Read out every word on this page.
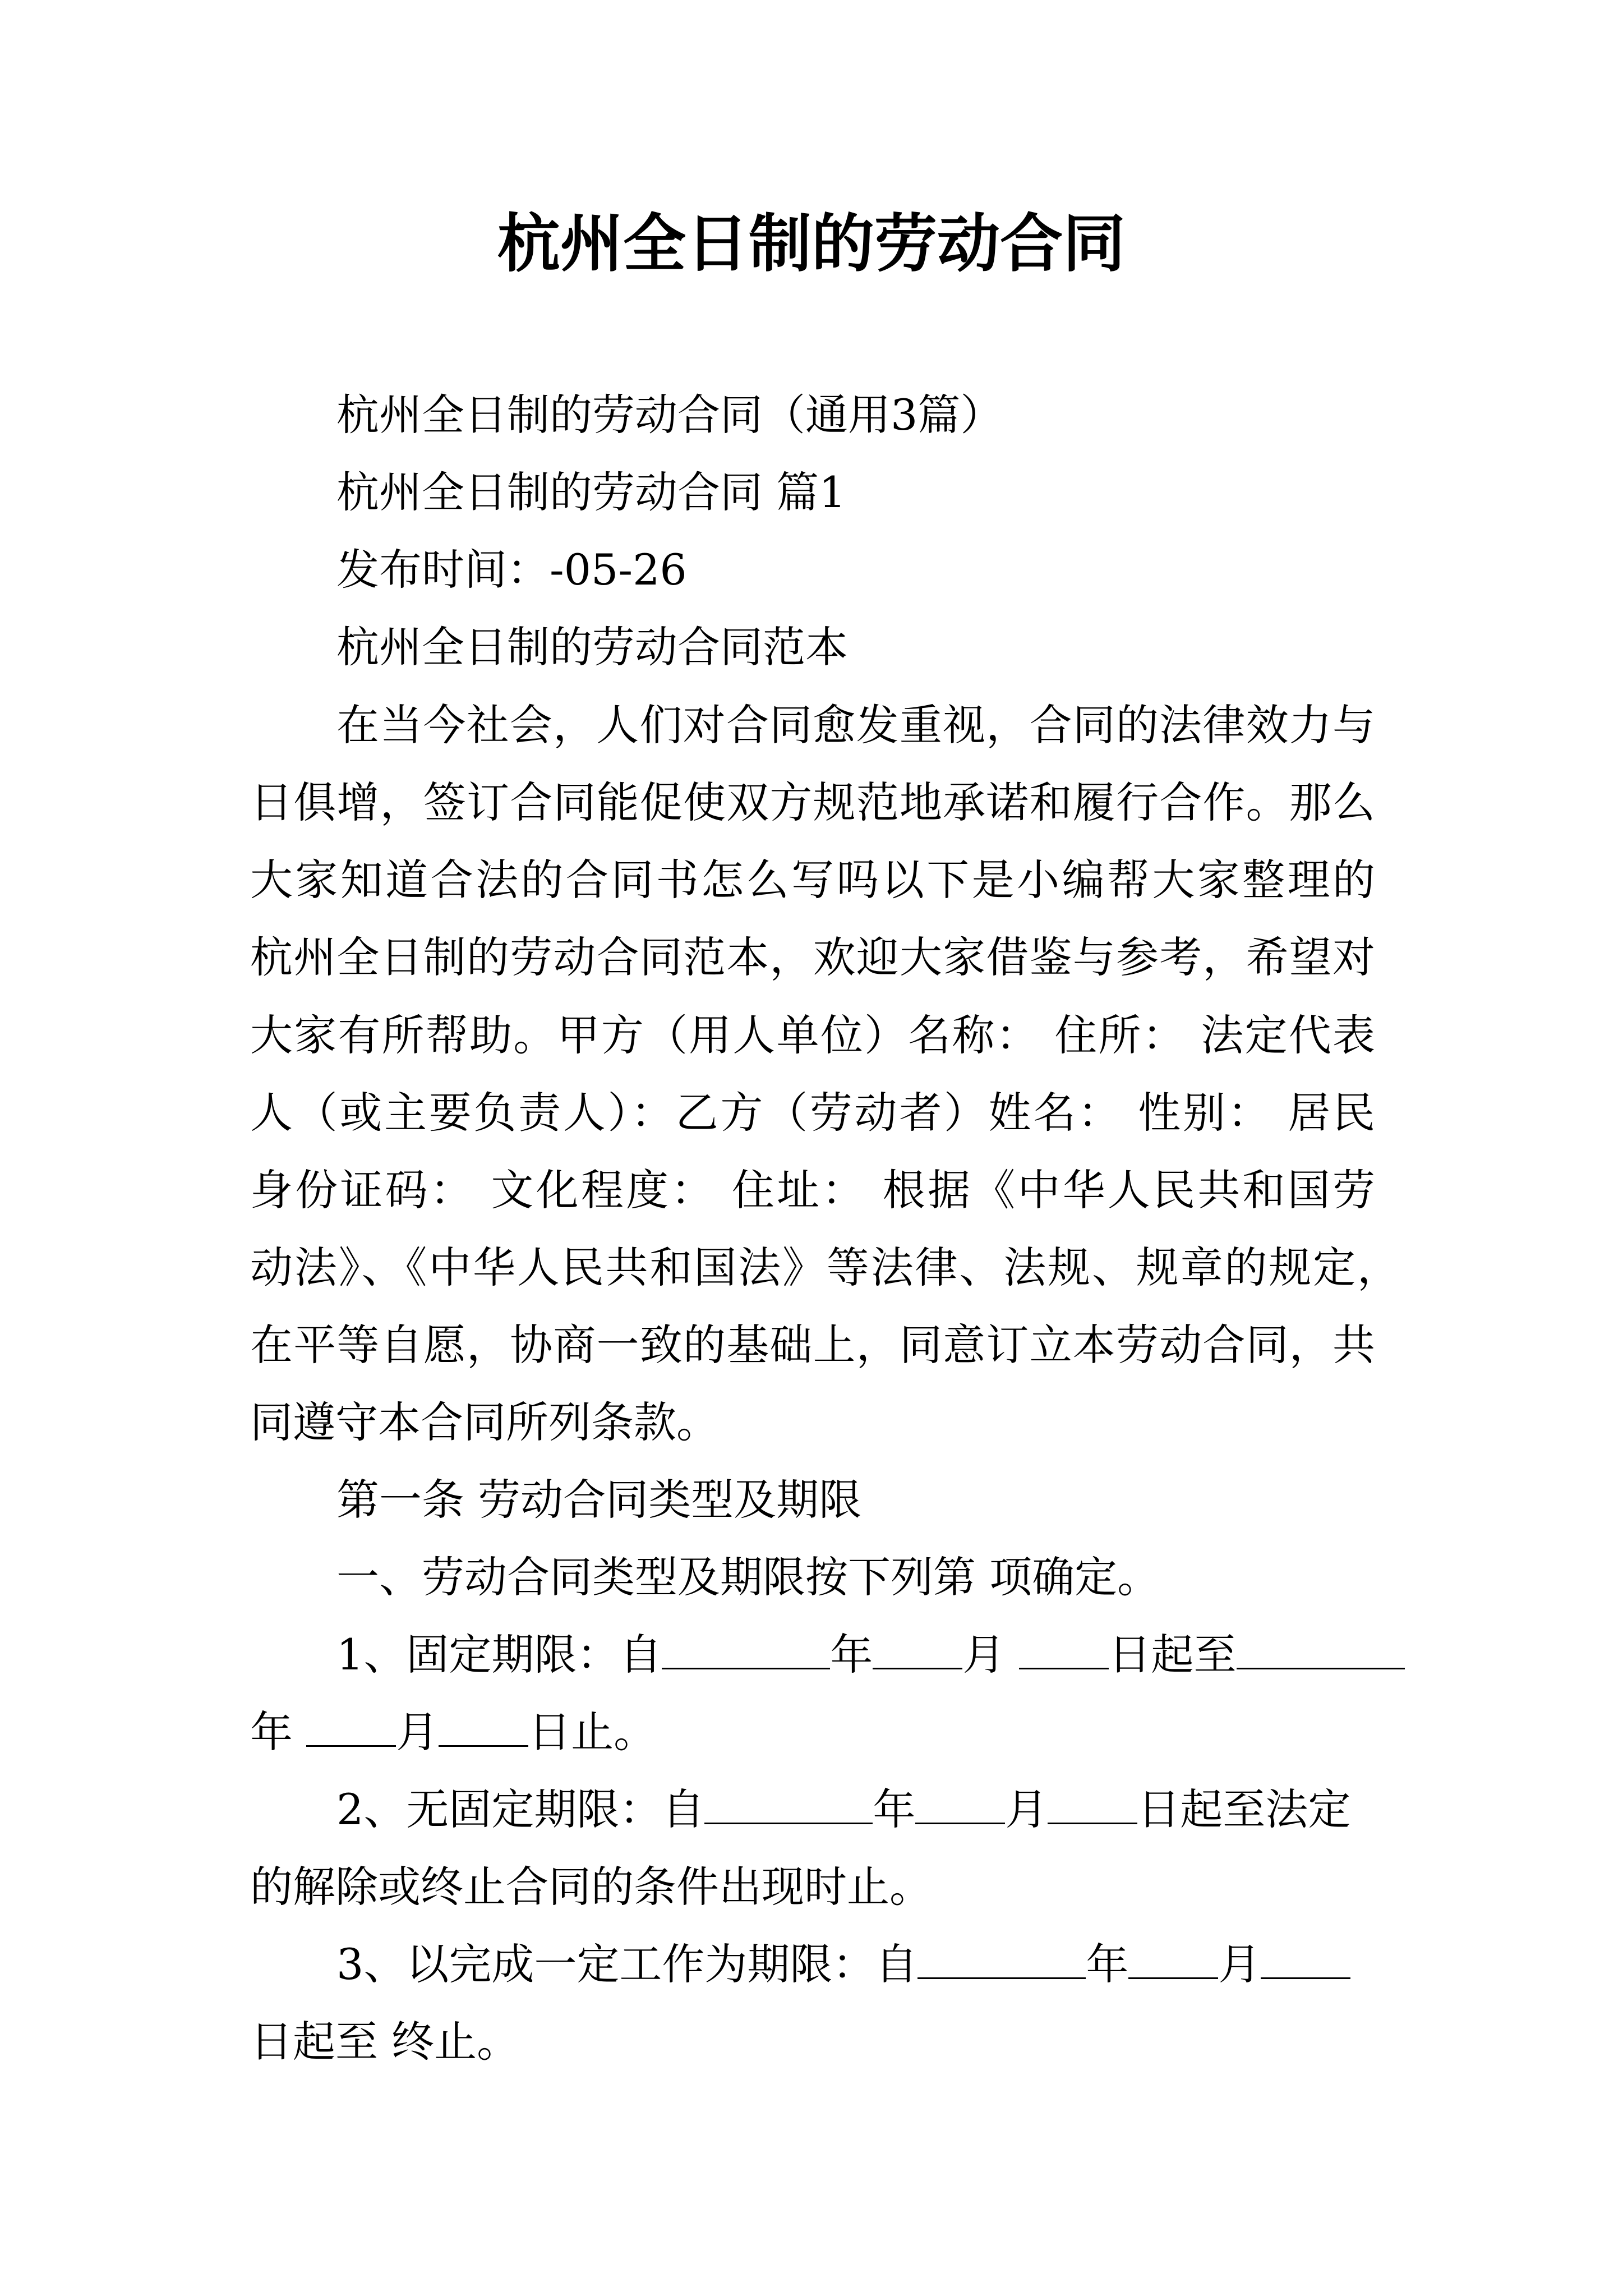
杭州全日制的劳动合同
杭州全日制的劳动合同（通用3篇）
杭州全日制的劳动合同 篇1
发布时间：-05-26
杭州全日制的劳动合同范本
在当今社会，人们对合同愈发重视，合同的法律效力与
日俱增，签订合同能促使双方规范地承诺和履行合作。那么
大家知道合法的合同书怎么写吗以下是小编帮大家整理的
杭州全日制的劳动合同范本，欢迎大家借鉴与参考，希望对
大家有所帮助。甲方（用人单位）名称： 住所： 法定代表
人（或主要负责人）：乙方（劳动者）姓名： 性别： 居民
身份证码： 文化程度： 住址： 根据《中华人民共和国劳
动法》、《中华人民共和国法》等法律、法规、规章的规定，
在平等自愿，协商一致的基础上，同意订立本劳动合同，共
同遵守本合同所列条款。
第一条 劳动合同类型及期限
一、劳动合同类型及期限按下列第 项确定。
1、固定期限：自	年 月 日起至
年 月 日止。
2、无固定期限：自	年 月 日起至法定
的解除或终止合同的条件出现时止。
3、以完成一定工作为期限：自	年 月
日起至 终止。
